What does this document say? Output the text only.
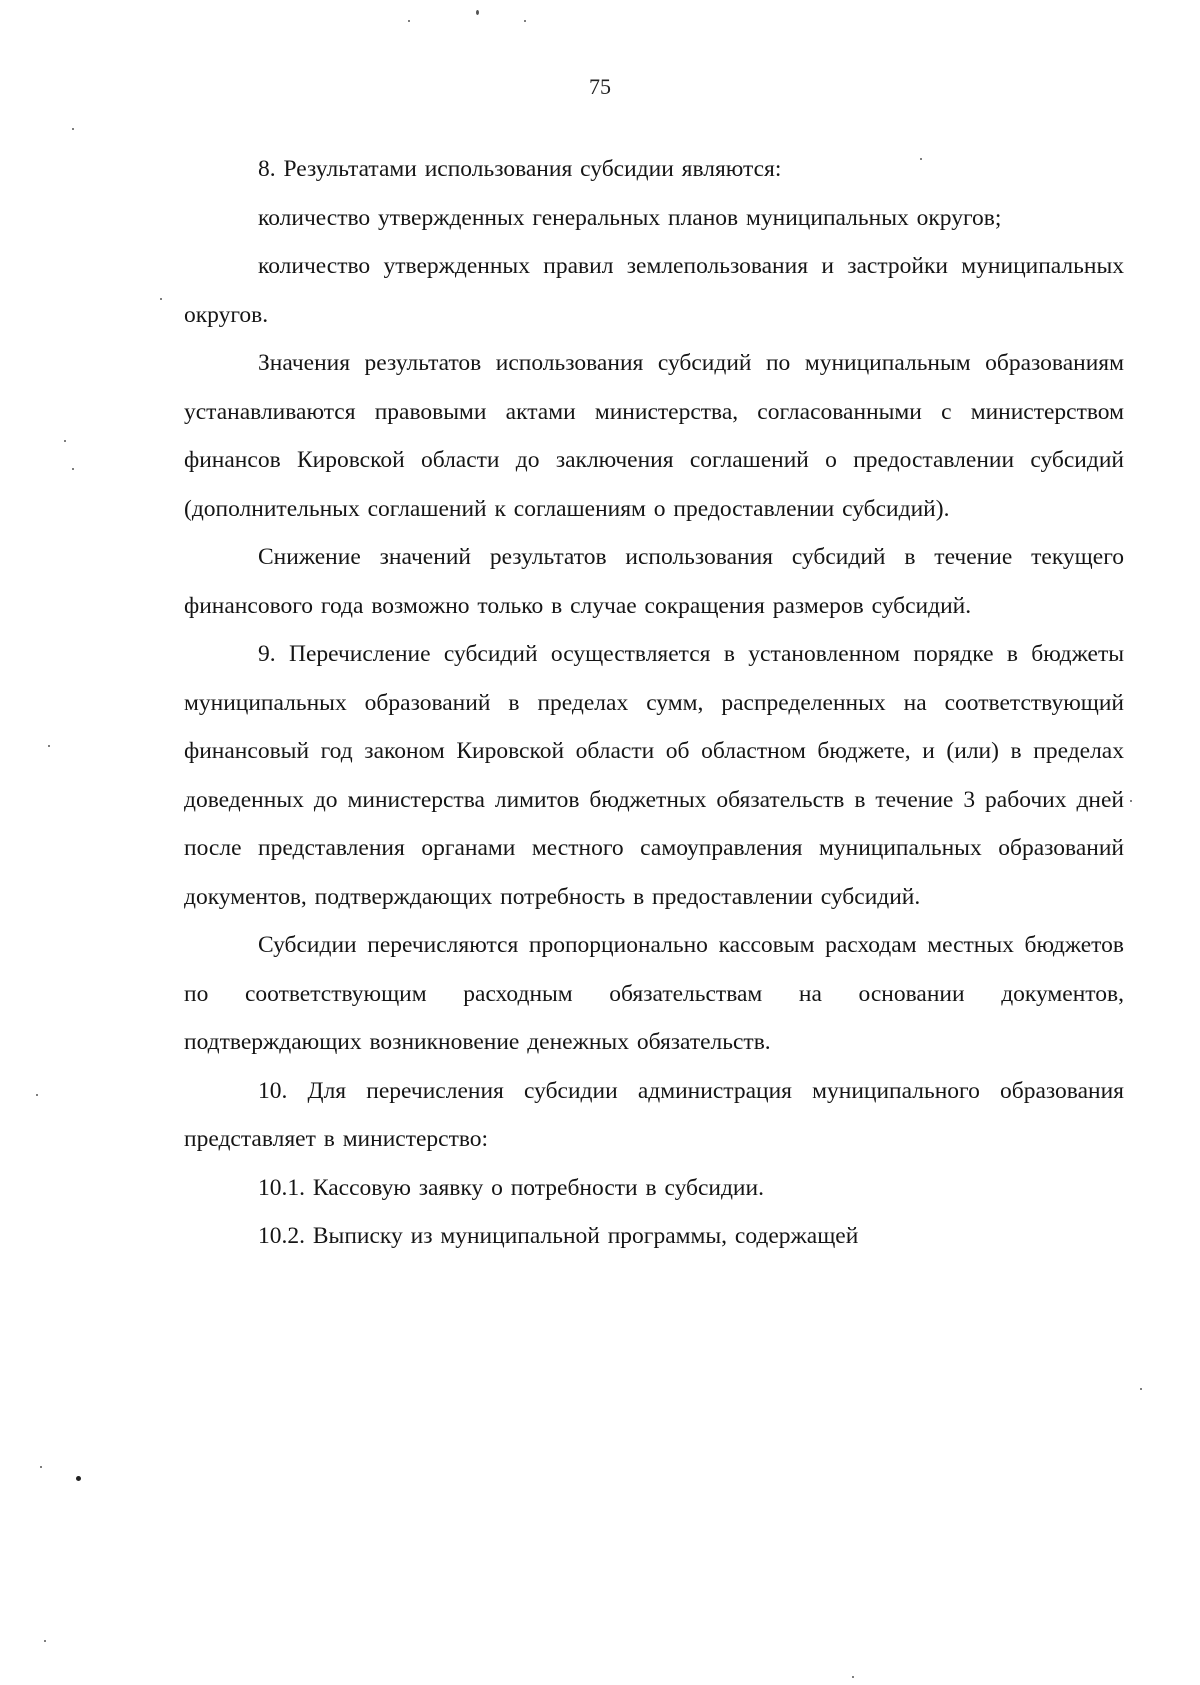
75

8. Результатами использования субсидии являются:

количество утвержденных генеральных планов муниципальных округов;

количество утвержденных правил землепользования и застройки муниципальных округов.

Значения результатов использования субсидий по муниципальным образованиям устанавливаются правовыми актами министерства, согласованными с министерством финансов Кировской области до заключения соглашений о предоставлении субсидий (дополнительных соглашений к соглашениям о предоставлении субсидий).

Снижение значений результатов использования субсидий в течение текущего финансового года возможно только в случае сокращения размеров субсидий.

9. Перечисление субсидий осуществляется в установленном порядке в бюджеты муниципальных образований в пределах сумм, распределенных на соответствующий финансовый год законом Кировской области об областном бюджете, и (или) в пределах доведенных до министерства лимитов бюджетных обязательств в течение 3 рабочих дней после представления органами местного самоуправления муниципальных образований документов, подтверждающих потребность в предоставлении субсидий.

Субсидии перечисляются пропорционально кассовым расходам местных бюджетов по соответствующим расходным обязательствам на основании документов, подтверждающих возникновение денежных обязательств.

10. Для перечисления субсидии администрация муниципального образования представляет в министерство:

10.1. Кассовую заявку о потребности в субсидии.

10.2. Выписку из муниципальной программы, содержащей
